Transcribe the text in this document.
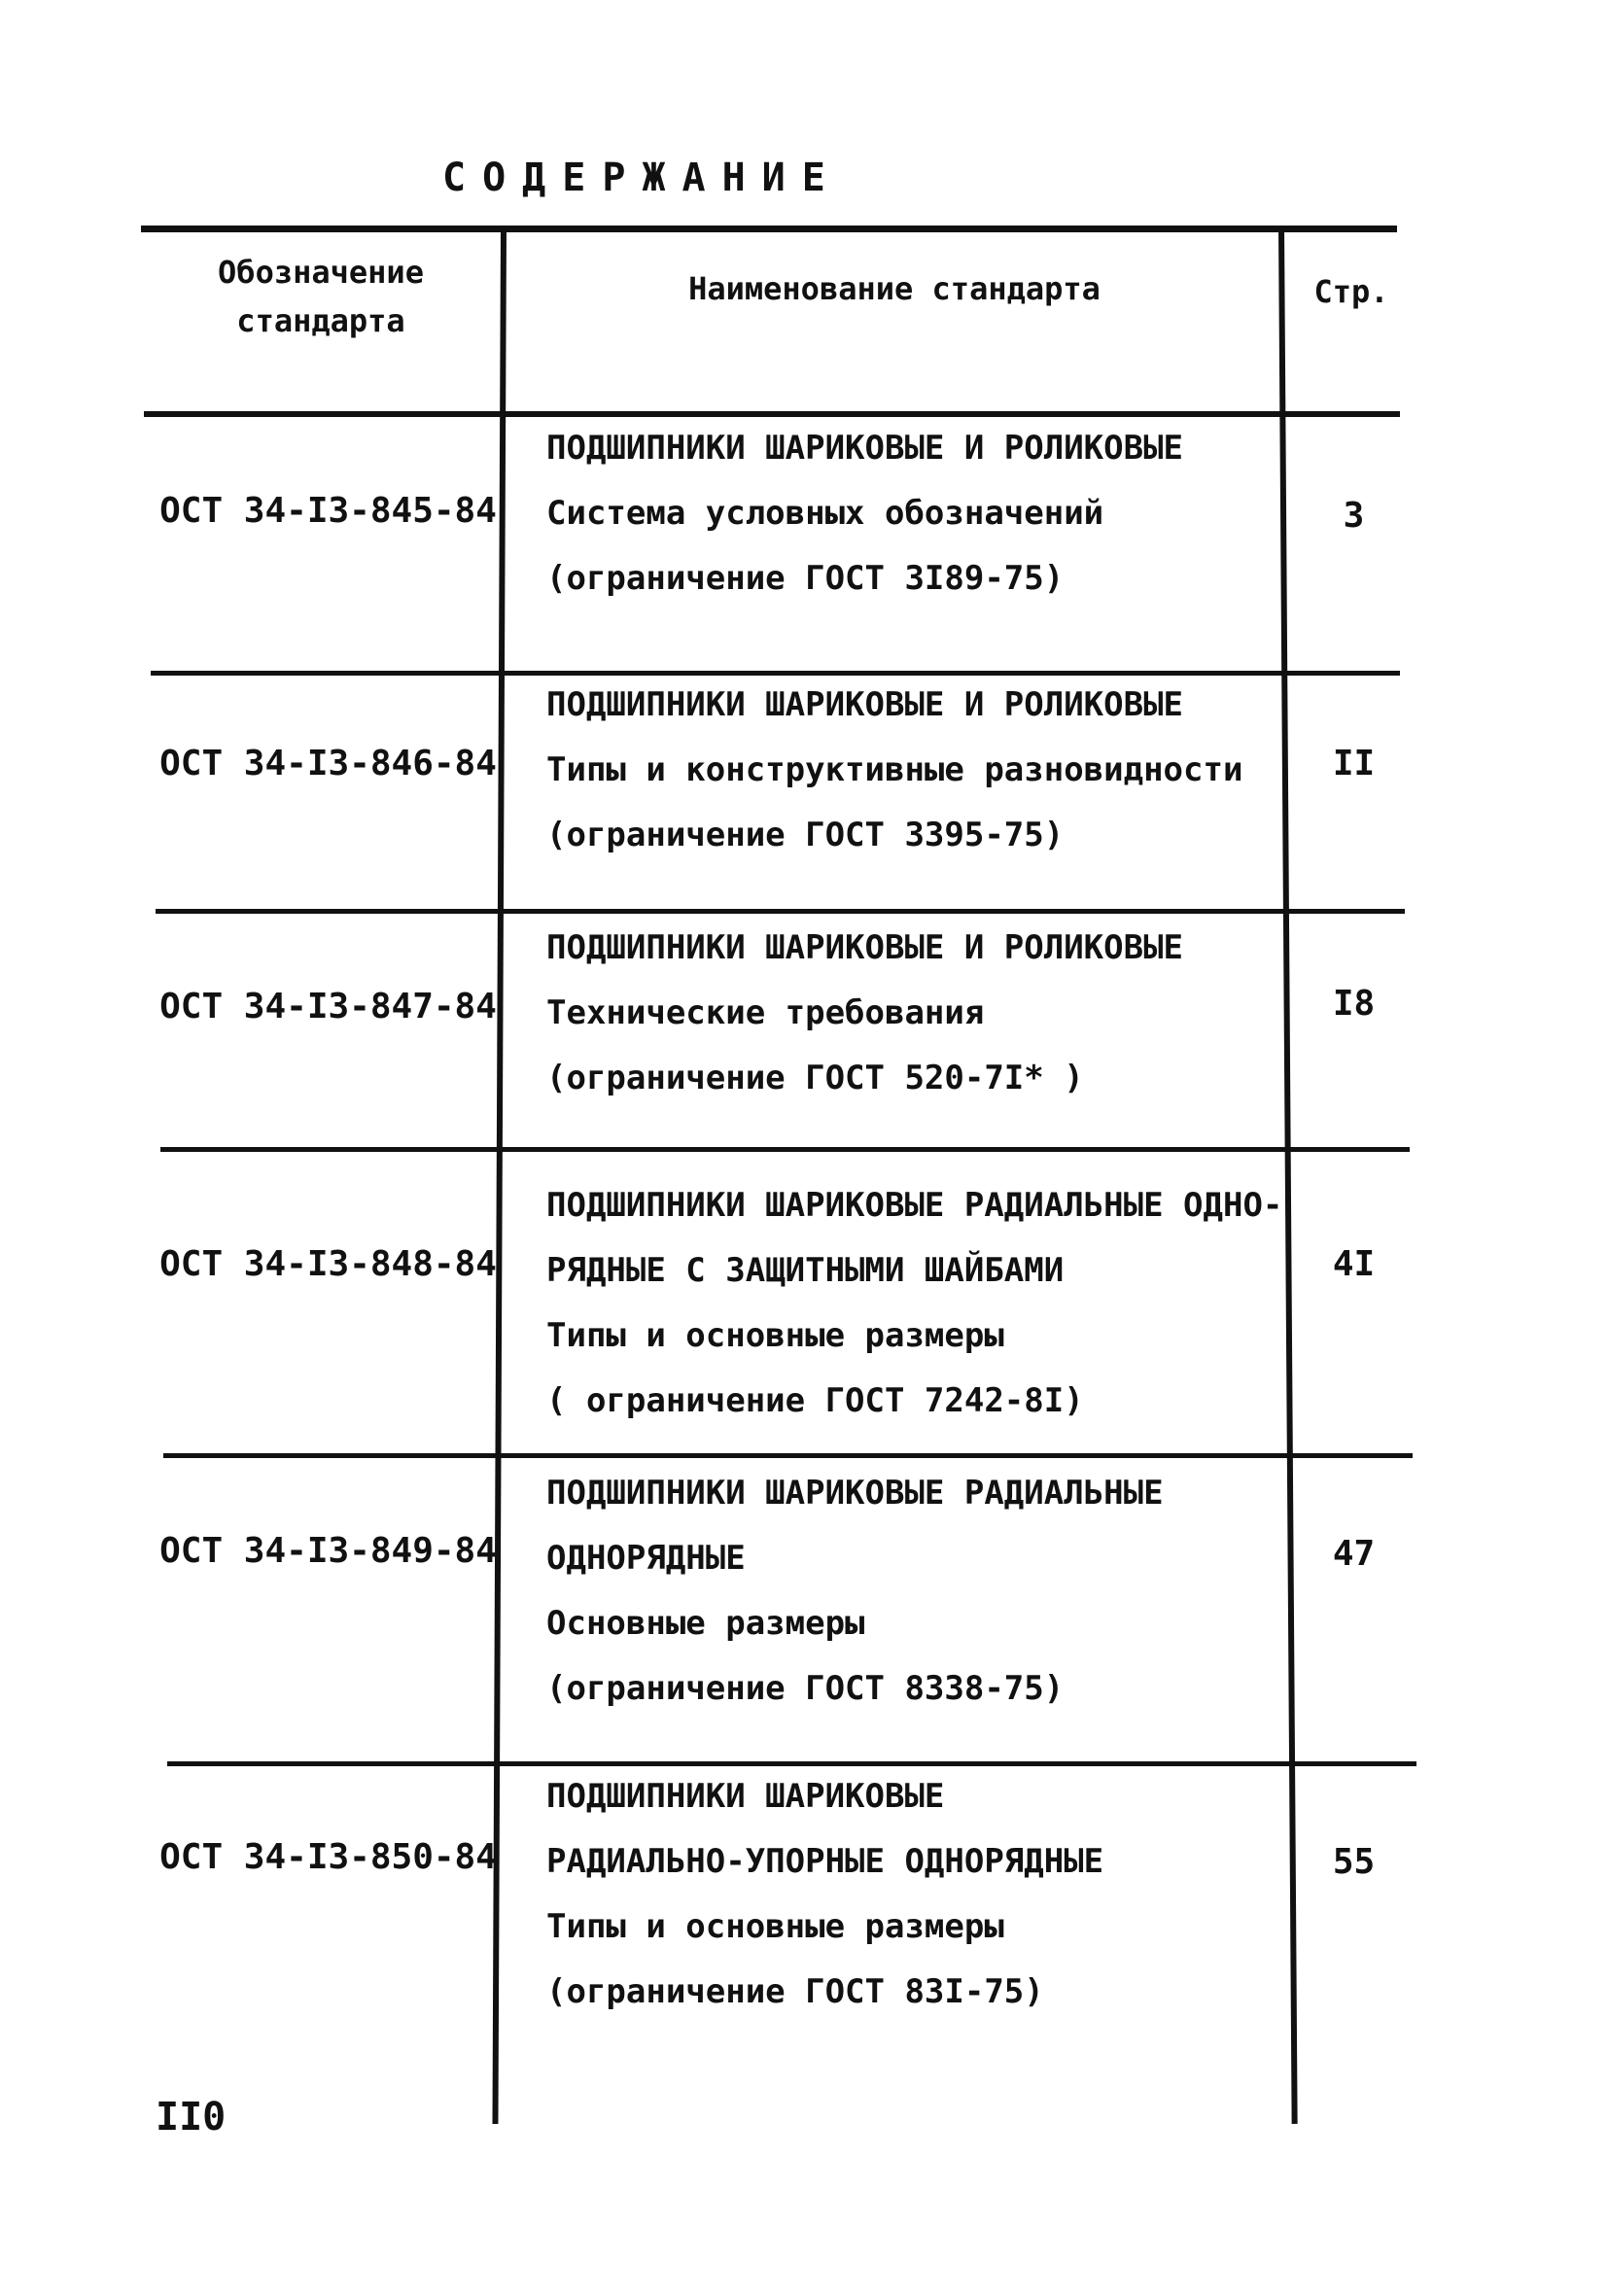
СОДЕРЖАНИЕ
Обозначение
стандарта
Наименование стандарта	Стр.
ОСТ 34-I3-845-84
ПОДШИПНИКИ ШАРИКОВЫЕ И РОЛИКОВЫЕ
Система условных обозначений
(ограничение ГОСТ 3I89-75)
3
ОСТ 34-I3-846-84
ПОДШИПНИКИ ШАРИКОВЫЕ И РОЛИКОВЫЕ
Типы и конструктивные разновидности
(ограничение ГОСТ 3395-75)
II
ОСТ 34-I3-847-84
ПОДШИПНИКИ ШАРИКОВЫЕ И РОЛИКОВЫЕ
Технические требования
(ограничение ГОСТ 520-7I* )
I8
ОСТ 34-I3-848-84
ПОДШИПНИКИ ШАРИКОВЫЕ РАДИАЛЬНЫЕ ОДНО-
РЯДНЫЕ С ЗАЩИТНЫМИ ШАЙБАМИ
Типы и основные размеры
( ограничение ГОСТ 7242-8I)
4I
ОСТ 34-I3-849-84
ПОДШИПНИКИ ШАРИКОВЫЕ РАДИАЛЬНЫЕ
ОДНОРЯДНЫЕ
Основные размеры
(ограничение ГОСТ 8338-75)
47
ОСТ 34-I3-850-84
ПОДШИПНИКИ ШАРИКОВЫЕ
РАДИАЛЬНО-УПОРНЫЕ ОДНОРЯДНЫЕ
Типы и основные размеры
(ограничение ГОСТ 83I-75)
55
II0
